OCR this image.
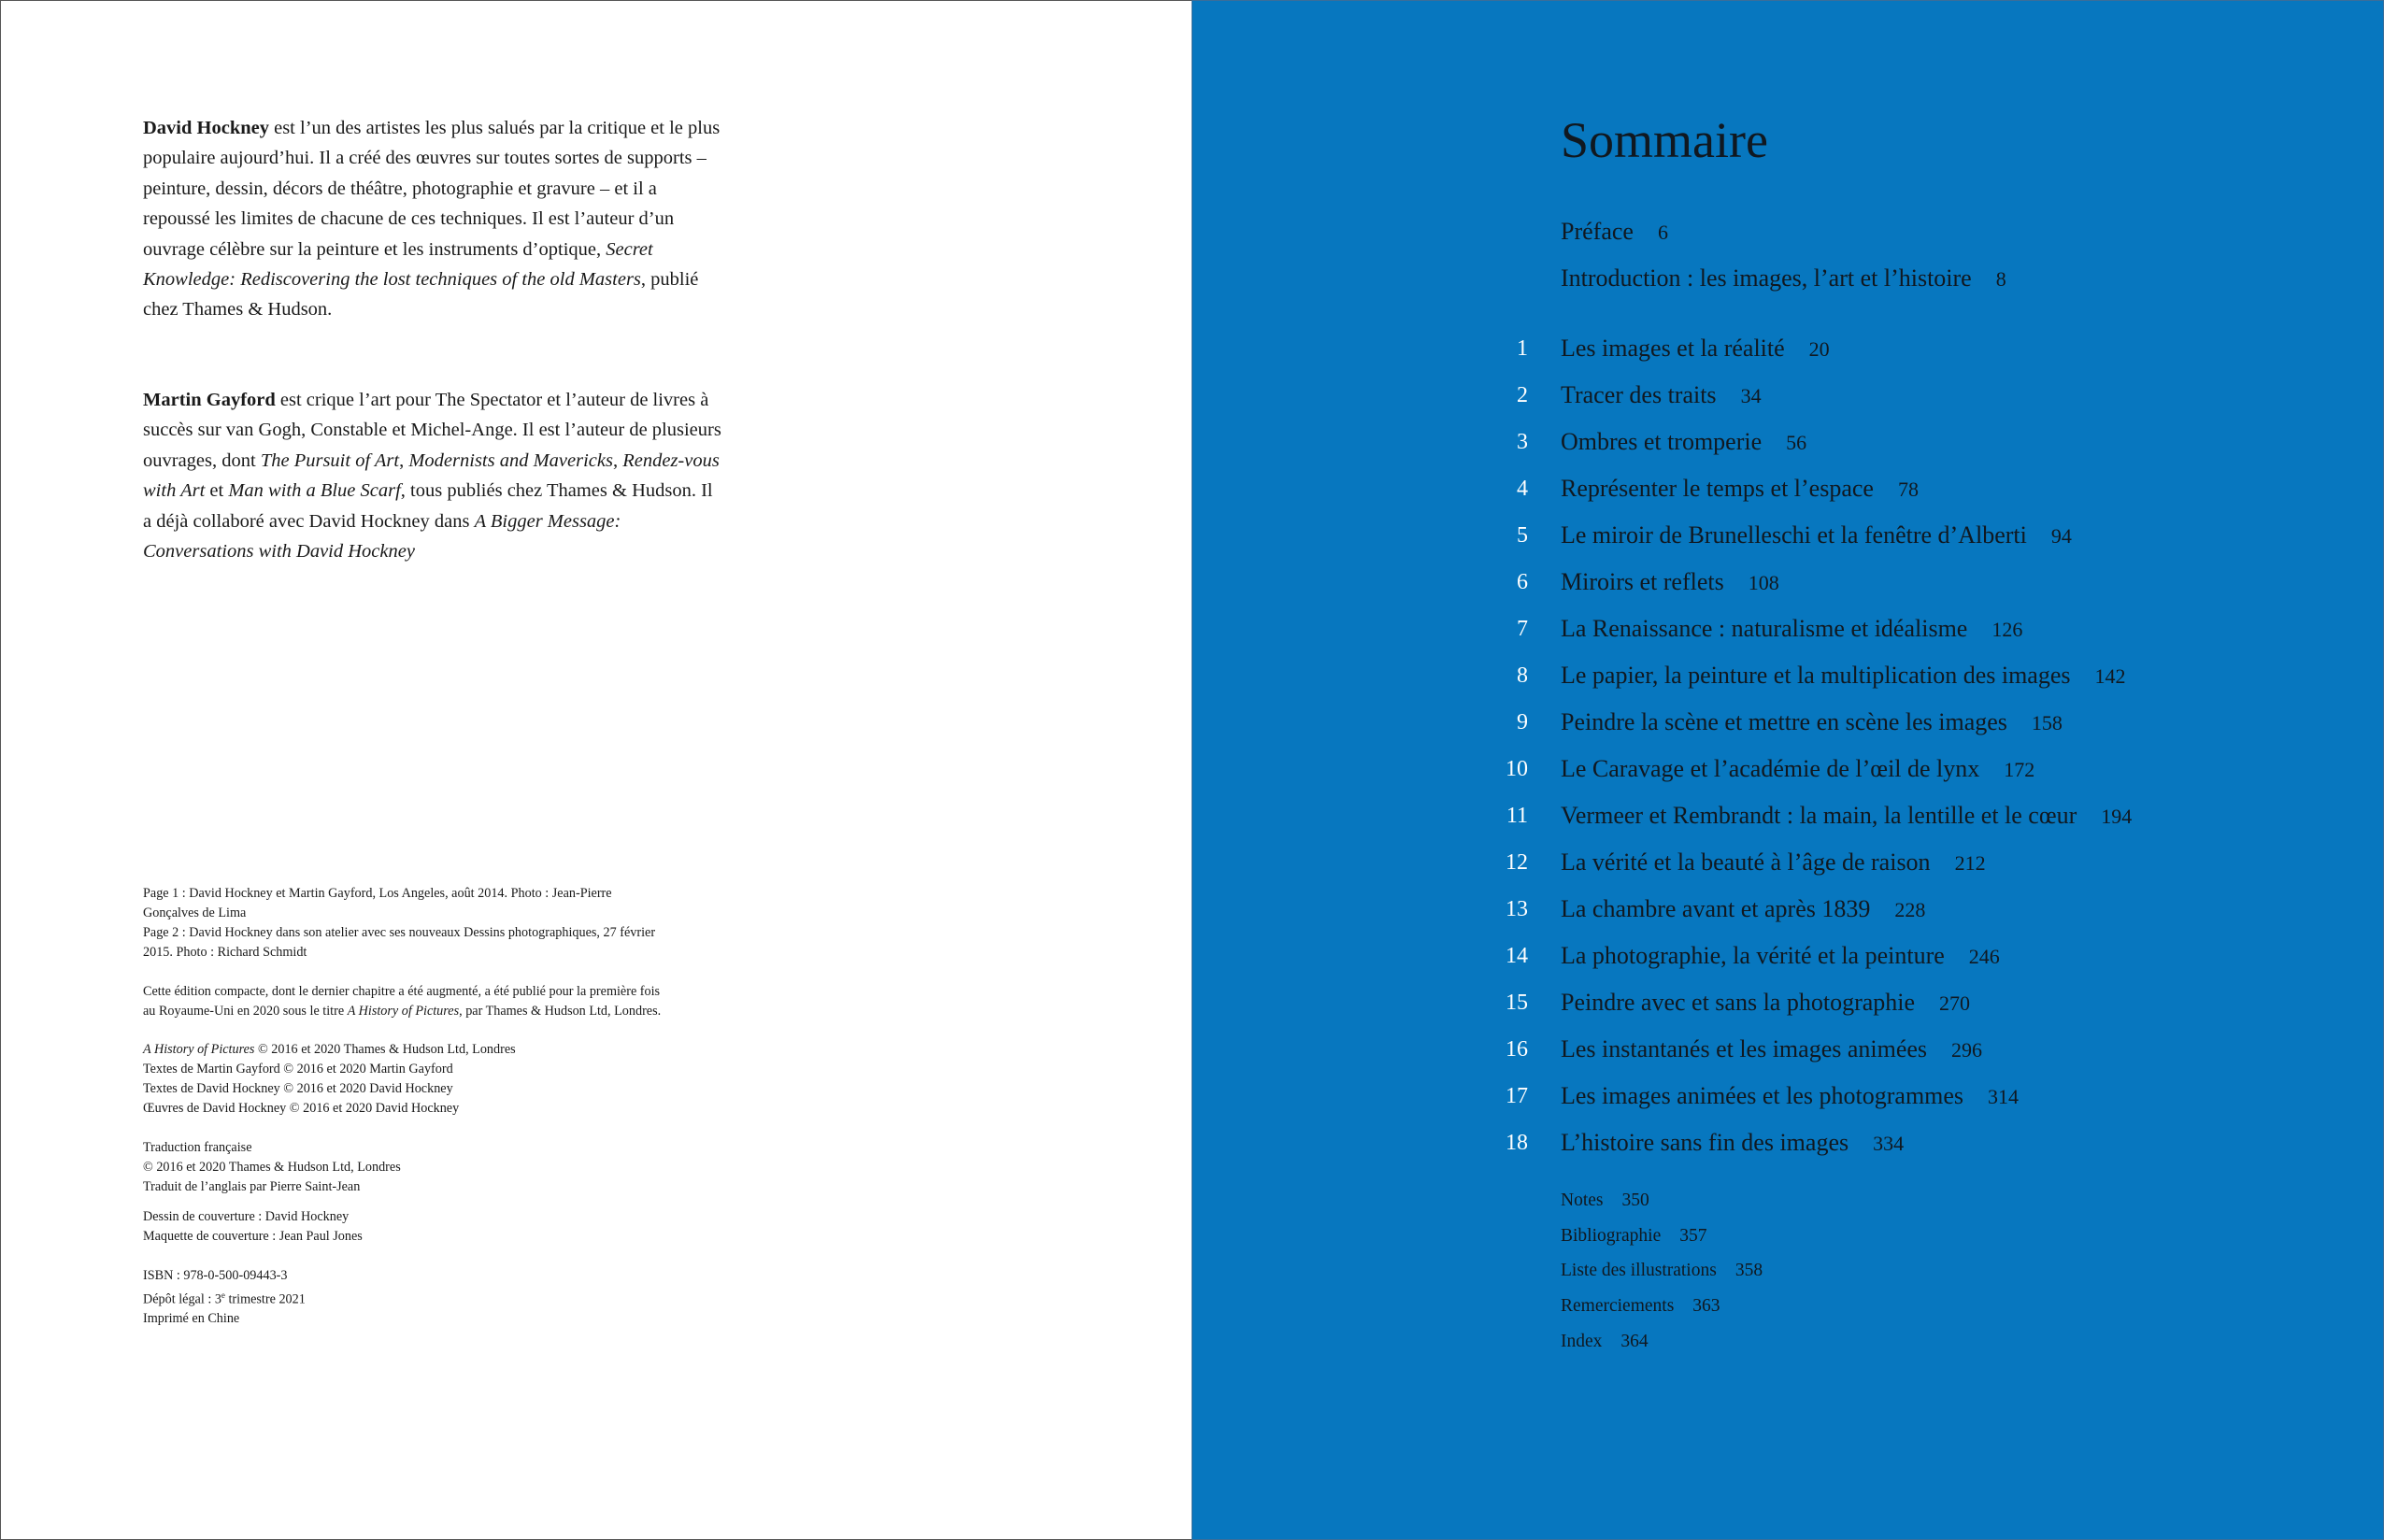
David Hockney est l’un des artistes les plus salués par la critique et le plus populaire aujourd’hui. Il a créé des œuvres sur toutes sortes de supports – peinture, dessin, décors de théâtre, photographie et gravure – et il a repoussé les limites de chacune de ces techniques. Il est l’auteur d’un ouvrage célèbre sur la peinture et les instruments d’optique, Secret Knowledge: Rediscovering the lost techniques of the old Masters, publié chez Thames & Hudson.

Martin Gayford est crique l’art pour The Spectator et l’auteur de livres à succès sur van Gogh, Constable et Michel-Ange. Il est l’auteur de plusieurs ouvrages, dont The Pursuit of Art, Modernists and Mavericks, Rendez-vous with Art et Man with a Blue Scarf, tous publiés chez Thames & Hudson. Il a déjà collaboré avec David Hockney dans A Bigger Message: Conversations with David Hockney

Page 1 : David Hockney et Martin Gayford, Los Angeles, août 2014. Photo : Jean-Pierre Gonçalves de Lima

Page 2 : David Hockney dans son atelier avec ses nouveaux Dessins photographiques, 27 février 2015. Photo : Richard Schmidt

Cette édition compacte, dont le dernier chapitre a été augmenté, a été publié pour la première fois au Royaume-Uni en 2020 sous le titre A History of Pictures, par Thames & Hudson Ltd, Londres.

A History of Pictures © 2016 et 2020 Thames & Hudson Ltd, Londres

Textes de Martin Gayford © 2016 et 2020 Martin Gayford

Textes de David Hockney © 2016 et 2020 David Hockney

Œuvres de David Hockney © 2016 et 2020 David Hockney

Traduction française

© 2016 et 2020 Thames & Hudson Ltd, Londres

Traduit de l’anglais par Pierre Saint-Jean

Dessin de couverture : David Hockney

Maquette de couverture : Jean Paul Jones

ISBN : 978-0-500-09443-3

Dépôt légal : 3e trimestre 2021

Imprimé en Chine

Sommaire
Préface 6
Introduction : les images, l’art et l’histoire 8
1 Les images et la réalité 20
2 Tracer des traits 34
3 Ombres et tromperie 56
4 Représenter le temps et l’espace 78
5 Le miroir de Brunelleschi et la fenêtre d’Alberti 94
6 Miroirs et reflets 108
7 La Renaissance : naturalisme et idéalisme 126
8 Le papier, la peinture et la multiplication des images 142
9 Peindre la scène et mettre en scène les images 158
10 Le Caravage et l’académie de l’œil de lynx 172
11 Vermeer et Rembrandt : la main, la lentille et le cœur 194
12 La vérité et la beauté à l’âge de raison 212
13 La chambre avant et après 1839 228
14 La photographie, la vérité et la peinture 246
15 Peindre avec et sans la photographie 270
16 Les instantanés et les images animées 296
17 Les images animées et les photogrammes 314
18 L’histoire sans fin des images 334
Notes 350
Bibliographie 357
Liste des illustrations 358
Remerciements 363
Index 364
